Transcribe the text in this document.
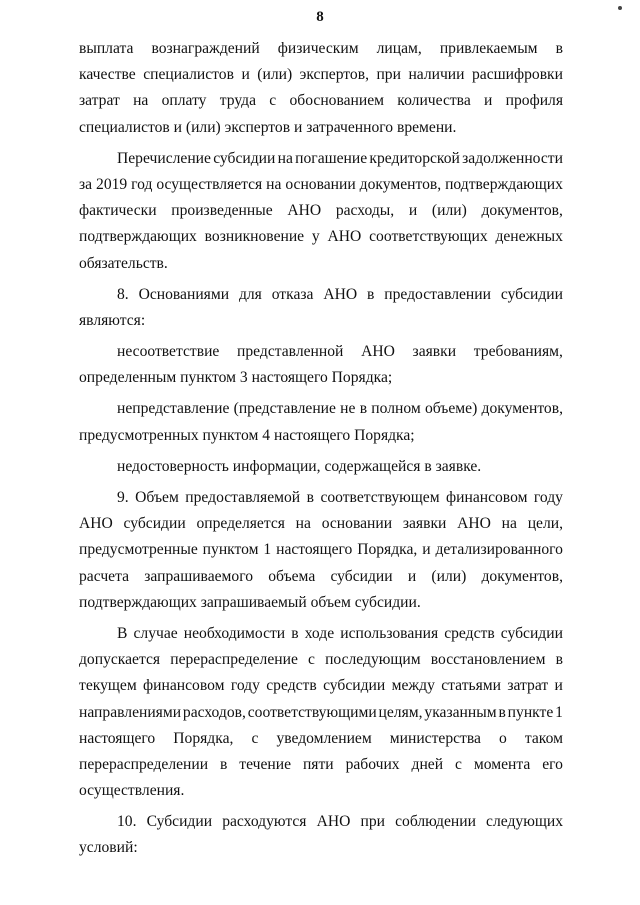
8
выплата вознаграждений физическим лицам, привлекаемым в
качестве специалистов и (или) экспертов, при наличии расшифровки
затрат на оплату труда с обоснованием количества и профиля
специалистов и (или) экспертов и затраченного времени.
Перечисление субсидии на погашение кредиторской задолженности
за 2019 год осуществляется на основании документов, подтверждающих
фактически произведенные АНО расходы, и (или) документов,
подтверждающих возникновение у АНО соответствующих денежных
обязательств.
8. Основаниями для отказа АНО в предоставлении субсидии
являются:
несоответствие представленной АНО заявки требованиям,
определенным пунктом 3 настоящего Порядка;
непредставление (представление не в полном объеме) документов,
предусмотренных пунктом 4 настоящего Порядка;
недостоверность информации, содержащейся в заявке.
9. Объем предоставляемой в соответствующем финансовом году
АНО субсидии определяется на основании заявки АНО на цели,
предусмотренные пунктом 1 настоящего Порядка, и детализированного
расчета запрашиваемого объема субсидии и (или) документов,
подтверждающих запрашиваемый объем субсидии.
В случае необходимости в ходе использования средств субсидии
допускается перераспределение с последующим восстановлением в
текущем финансовом году средств субсидии между статьями затрат и
направлениями расходов, соответствующими целям, указанным в пункте 1
настоящего Порядка, с уведомлением министерства о таком
перераспределении в течение пяти рабочих дней с момента его
осуществления.
10. Субсидии расходуются АНО при соблюдении следующих
условий:
